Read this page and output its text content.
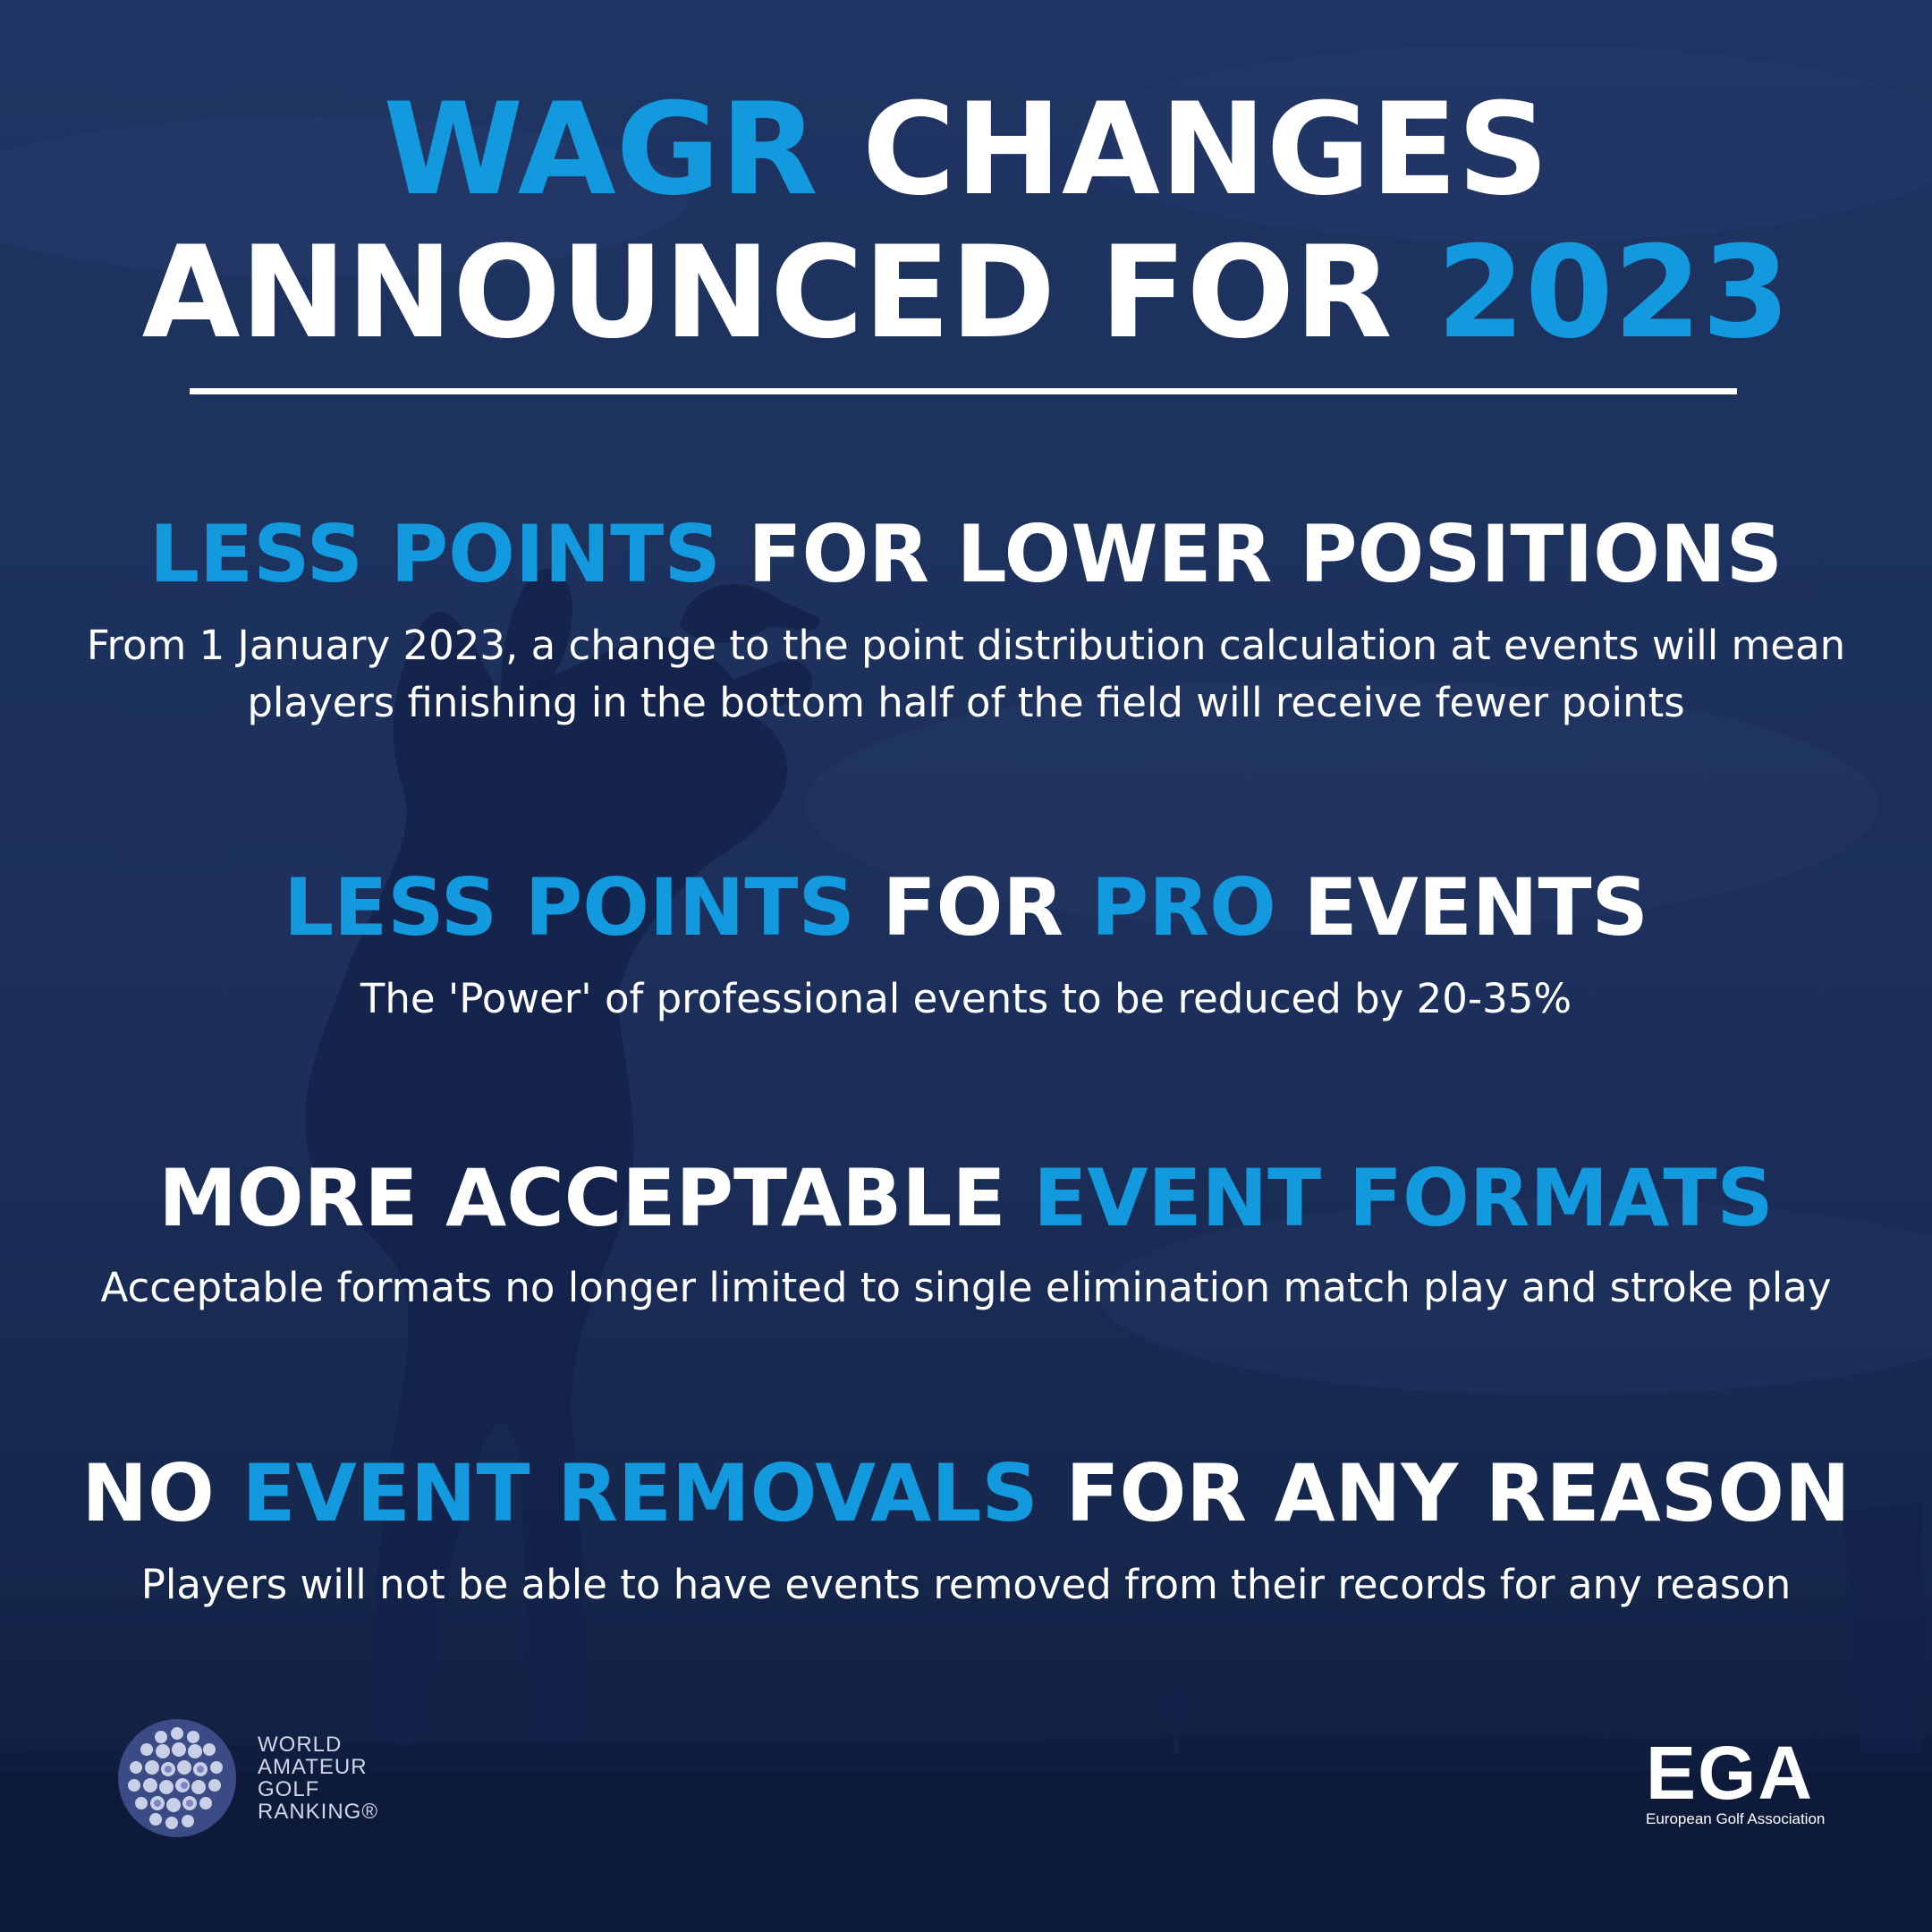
WAGR CHANGES
ANNOUNCED FOR 2023
LESS POINTS FOR LOWER POSITIONS

From 1 January 2023, a change to the point distribution calculation at events will mean players finishing in the bottom half of the field will receive fewer points

LESS POINTS FOR PRO EVENTS

The 'Power' of professional events to be reduced by 20-35%

MORE ACCEPTABLE EVENT FORMATS

Acceptable formats no longer limited to single elimination match play and stroke play

NO EVENT REMOVALS FOR ANY REASON

Players will not be able to have events removed from their records for any reason

WORLD
AMATEUR
GOLF
RANKING®	EGA
European Golf Association
